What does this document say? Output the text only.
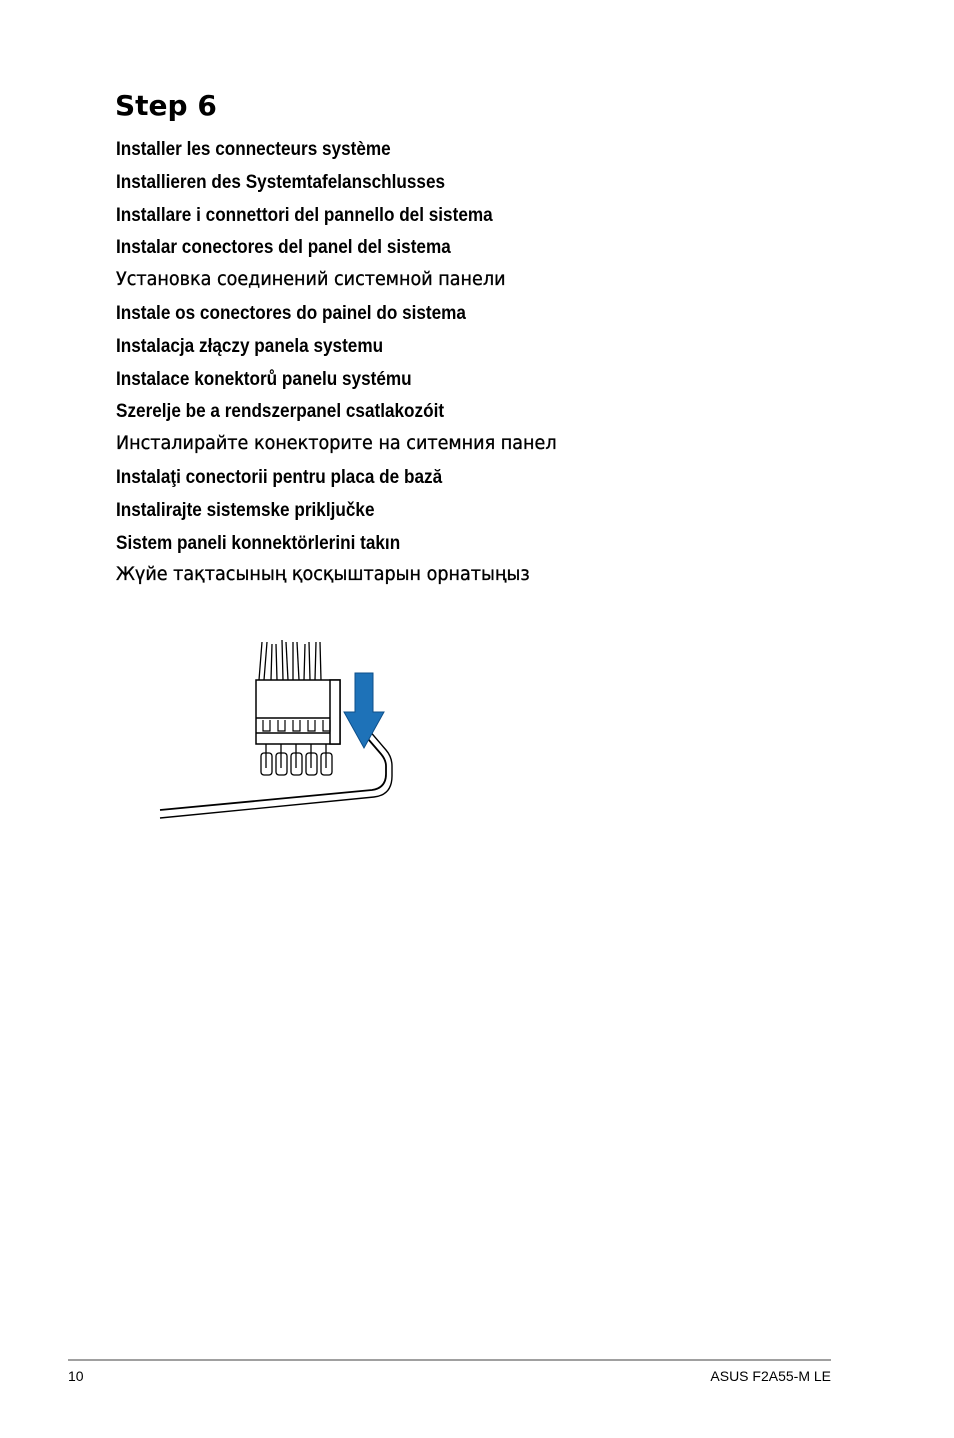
Step 6
Installer les connecteurs système
Installieren des Systemtafelanschlusses
Installare i connettori del pannello del sistema
Instalar conectores del panel del sistema
Установка соединений системной панели
Instale os conectores do painel do sistema
Instalacja złączy panela systemu
Instalace konektorů panelu systému
Szerelje be a rendszerpanel csatlakozóit
Инсталирайте конекторите на ситемния панел
Instalaţi conectorii pentru placa de bază
Instalirajte sistemske priključke
Sistem paneli konnektörlerini takın
Жүйе тақтасының қосқыштарын орнатыңыз
10	ASUS F2A55-M LE
